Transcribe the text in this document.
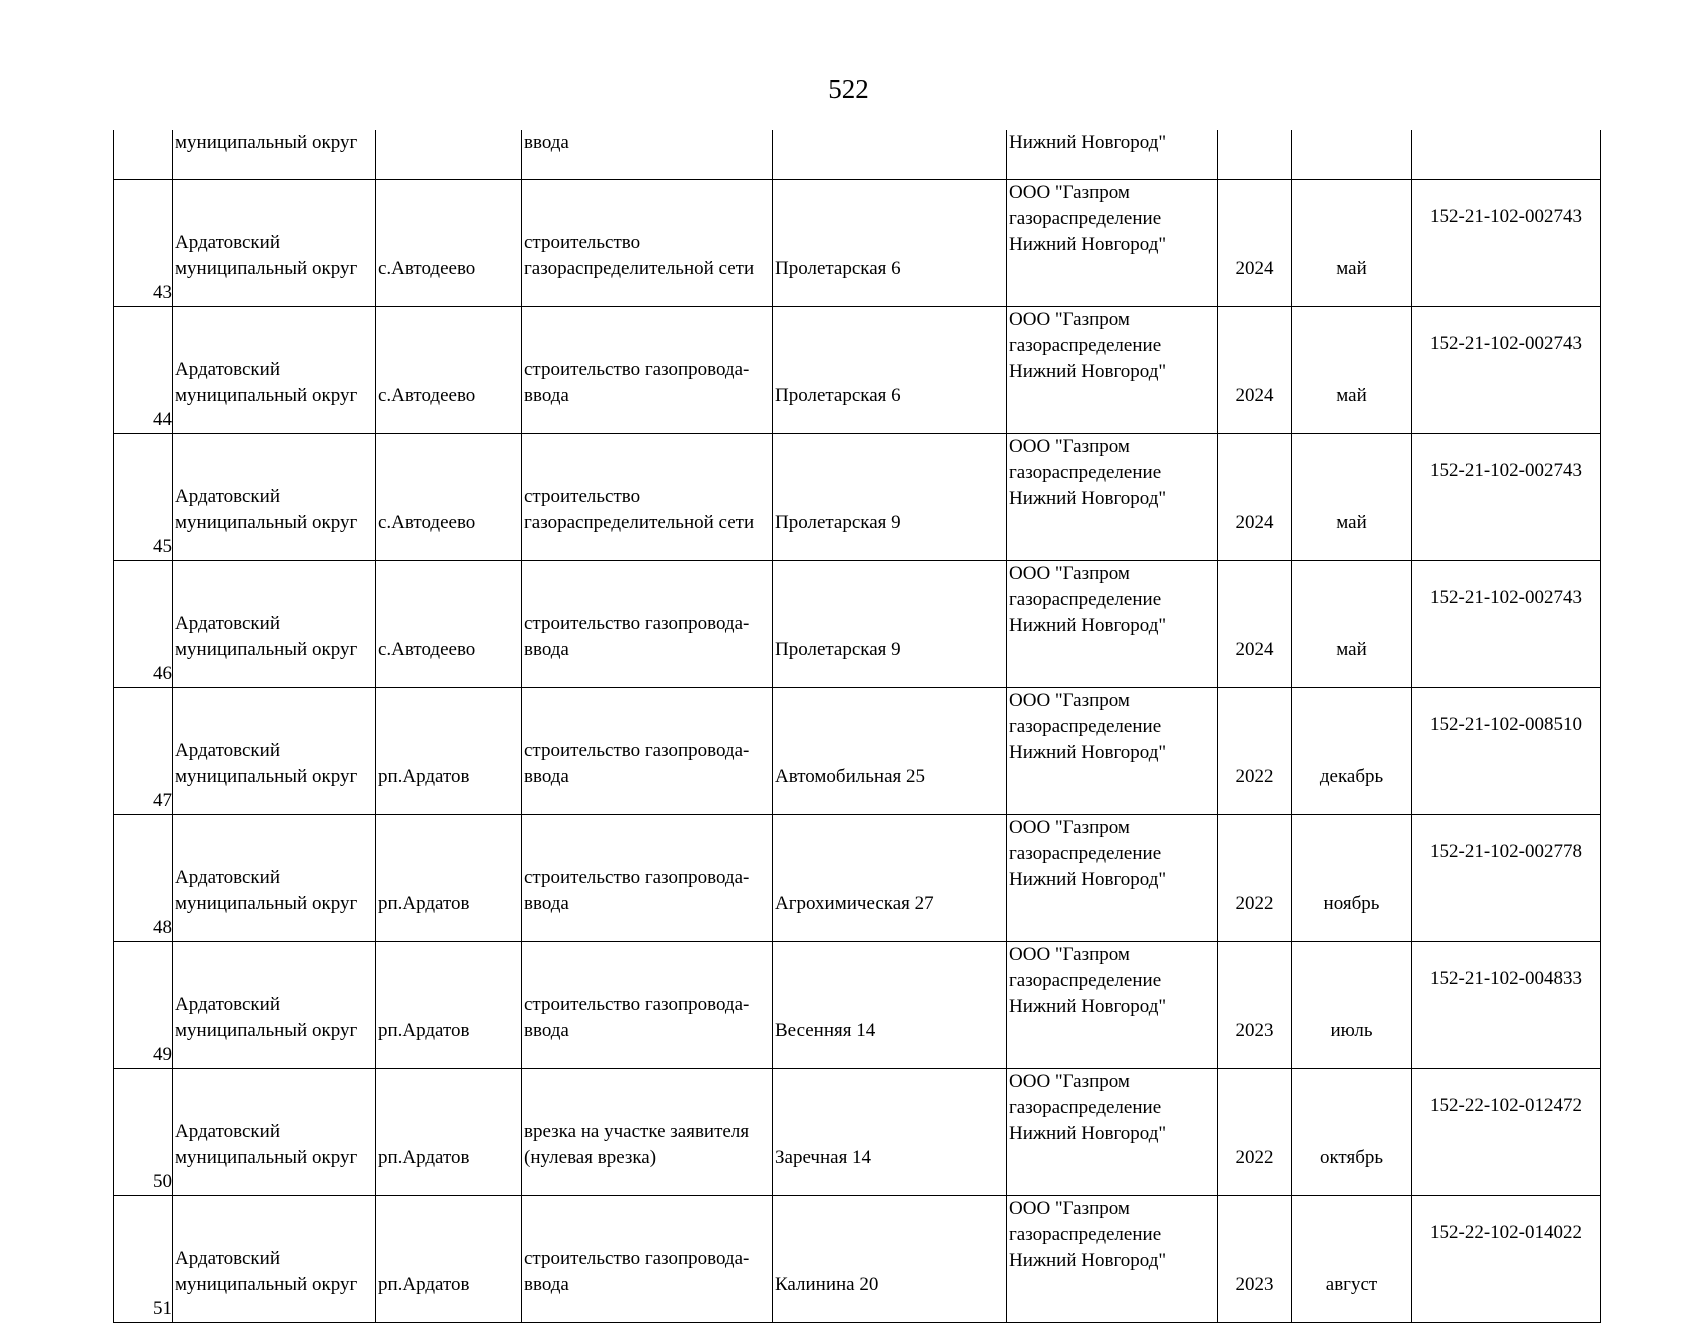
522

	муниципальный округ		ввода		Нижний Новгород"			

43	Ардатовский
муниципальный округ	с.Автодеево	строительство
газораспределительной сети	Пролетарская 6	ООО "Газпром
газораспределение
Нижний Новгород"	2024	май	152-21-102-002743

44	Ардатовский
муниципальный округ	с.Автодеево	строительство газопровода-
ввода	Пролетарская 6	ООО "Газпром
газораспределение
Нижний Новгород"	2024	май	152-21-102-002743

45	Ардатовский
муниципальный округ	с.Автодеево	строительство
газораспределительной сети	Пролетарская 9	ООО "Газпром
газораспределение
Нижний Новгород"	2024	май	152-21-102-002743

46	Ардатовский
муниципальный округ	с.Автодеево	строительство газопровода-
ввода	Пролетарская 9	ООО "Газпром
газораспределение
Нижний Новгород"	2024	май	152-21-102-002743

47	Ардатовский
муниципальный округ	рп.Ардатов	строительство газопровода-
ввода	Автомобильная 25	ООО "Газпром
газораспределение
Нижний Новгород"	2022	декабрь	152-21-102-008510

48	Ардатовский
муниципальный округ	рп.Ардатов	строительство газопровода-
ввода	Агрохимическая 27	ООО "Газпром
газораспределение
Нижний Новгород"	2022	ноябрь	152-21-102-002778

49	Ардатовский
муниципальный округ	рп.Ардатов	строительство газопровода-
ввода	Весенняя 14	ООО "Газпром
газораспределение
Нижний Новгород"	2023	июль	152-21-102-004833

50	Ардатовский
муниципальный округ	рп.Ардатов	врезка на участке заявителя
(нулевая врезка)	Заречная 14	ООО "Газпром
газораспределение
Нижний Новгород"	2022	октябрь	152-22-102-012472

51	Ардатовский
муниципальный округ	рп.Ардатов	строительство газопровода-
ввода	Калинина 20	ООО "Газпром
газораспределение
Нижний Новгород"	2023	август	152-22-102-014022
